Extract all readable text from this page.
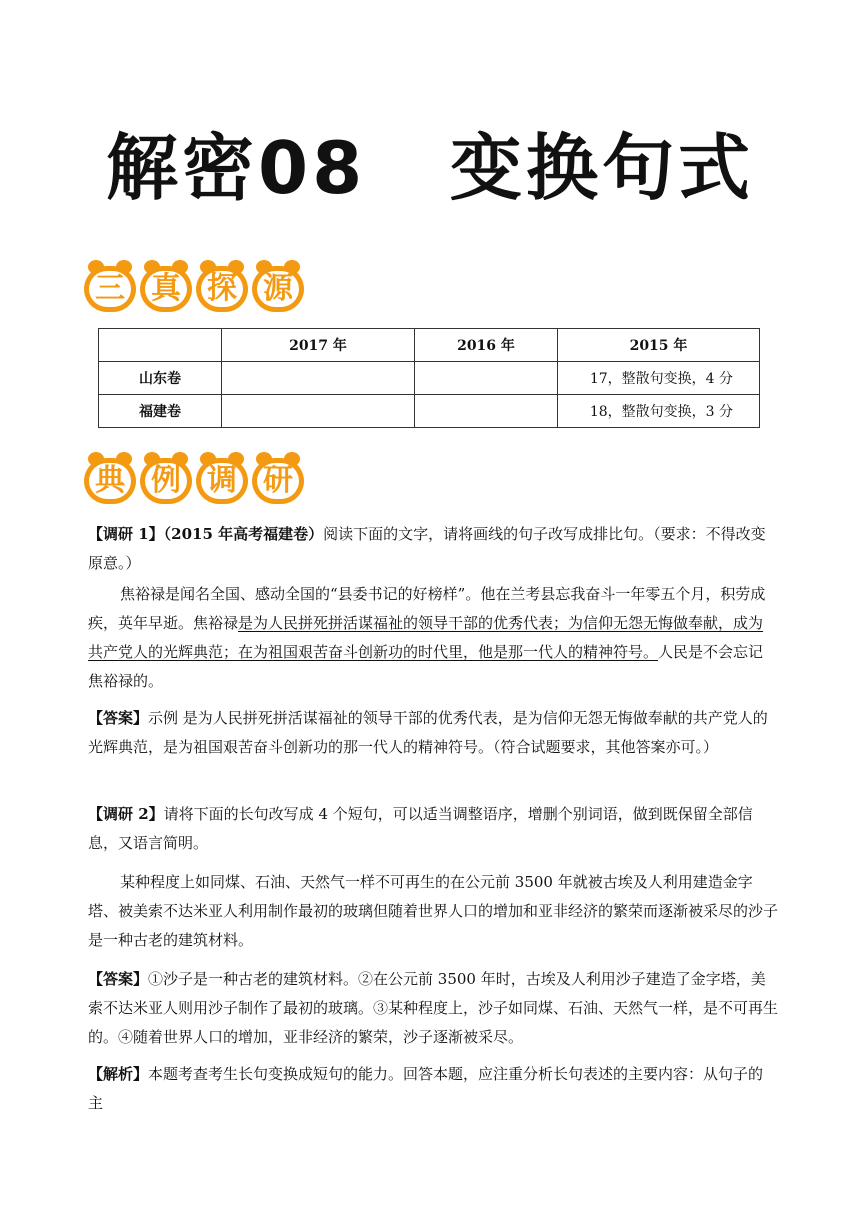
解密08 变换句式
三 真 探 源
	2017 年	2016 年	2015 年
山东卷			17，整散句变换，4 分
福建卷			18，整散句变换，3 分
典 例 调 研
【调研 1】（2015 年高考福建卷）阅读下面的文字，请将画线的句子改写成排比句。（要求：不得改变原意。）
焦裕禄是闻名全国、感动全国的“县委书记的好榜样”。他在兰考县忘我奋斗一年零五个月，积劳成疾，英年早逝。焦裕禄是为人民拼死拼活谋福祉的领导干部的优秀代表；为信仰无怨无悔做奉献，成为共产党人的光辉典范；在为祖国艰苦奋斗创新功的时代里，他是那一代人的精神符号。人民是不会忘记焦裕禄的。
【答案】示例 是为人民拼死拼活谋福祉的领导干部的优秀代表，是为信仰无怨无悔做奉献的共产党人的光辉典范，是为祖国艰苦奋斗创新功的那一代人的精神符号。（符合试题要求，其他答案亦可。）
【调研 2】请将下面的长句改写成 4 个短句，可以适当调整语序，增删个别词语，做到既保留全部信息，又语言简明。
某种程度上如同煤、石油、天然气一样不可再生的在公元前 3500 年就被古埃及人利用建造金字塔、被美索不达米亚人利用制作最初的玻璃但随着世界人口的增加和亚非经济的繁荣而逐渐被采尽的沙子是一种古老的建筑材料。
【答案】①沙子是一种古老的建筑材料。②在公元前 3500 年时，古埃及人利用沙子建造了金字塔，美索不达米亚人则用沙子制作了最初的玻璃。③某种程度上，沙子如同煤、石油、天然气一样，是不可再生的。④随着世界人口的增加，亚非经济的繁荣，沙子逐渐被采尽。
【解析】本题考查考生长句变换成短句的能力。回答本题，应注重分析长句表述的主要内容：从句子的主
